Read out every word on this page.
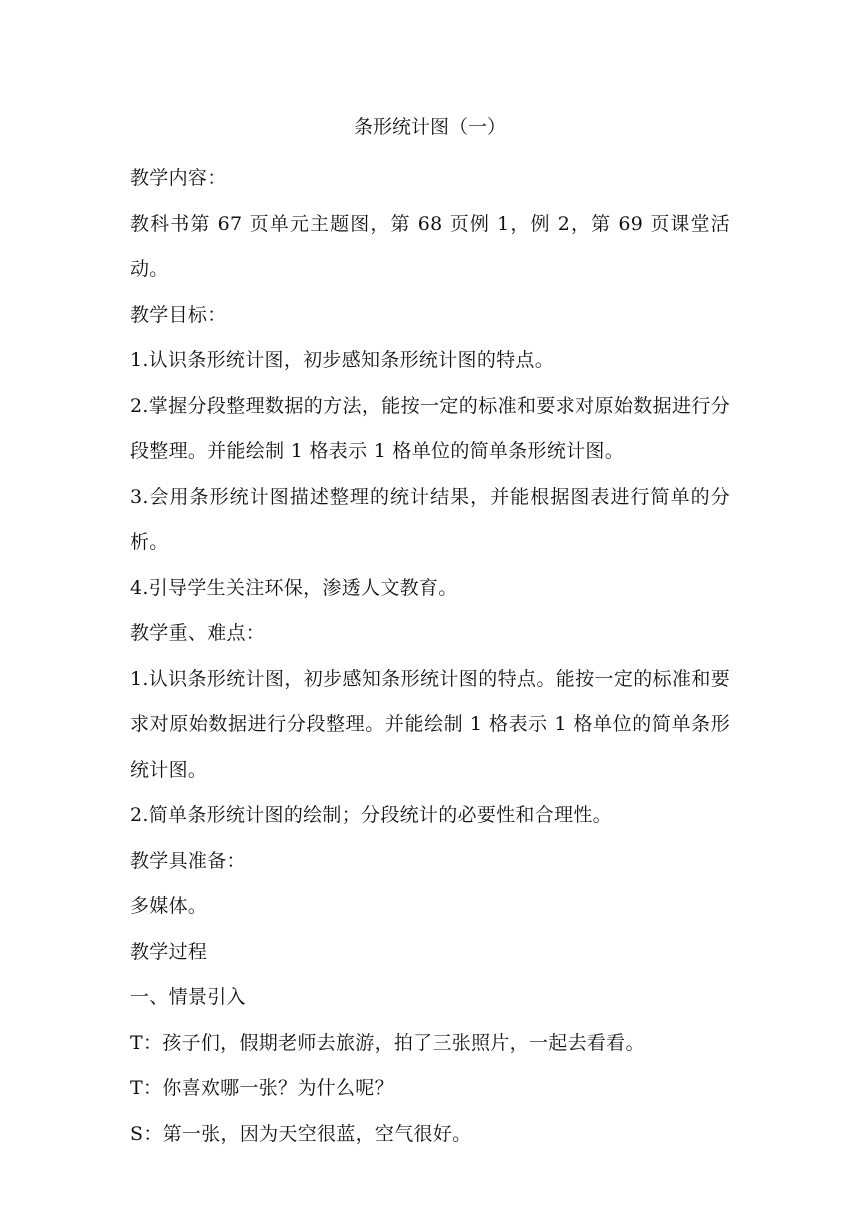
条形统计图（一）

教学内容：

教科书第 67 页单元主题图，第 68 页例 1，例 2，第 69 页课堂活动。

教学目标：

1.认识条形统计图，初步感知条形统计图的特点。

2.掌握分段整理数据的方法，能按一定的标准和要求对原始数据进行分段整理。并能绘制 1 格表示 1 格单位的简单条形统计图。

3.会用条形统计图描述整理的统计结果，并能根据图表进行简单的分析。

4.引导学生关注环保，渗透人文教育。

教学重、难点：

1.认识条形统计图，初步感知条形统计图的特点。能按一定的标准和要求对原始数据进行分段整理。并能绘制 1 格表示 1 格单位的简单条形统计图。

2.简单条形统计图的绘制；分段统计的必要性和合理性。

教学具准备：

多媒体。

教学过程

一、情景引入

T：孩子们，假期老师去旅游，拍了三张照片，一起去看看。

T：你喜欢哪一张？为什么呢？

S：第一张，因为天空很蓝，空气很好。
